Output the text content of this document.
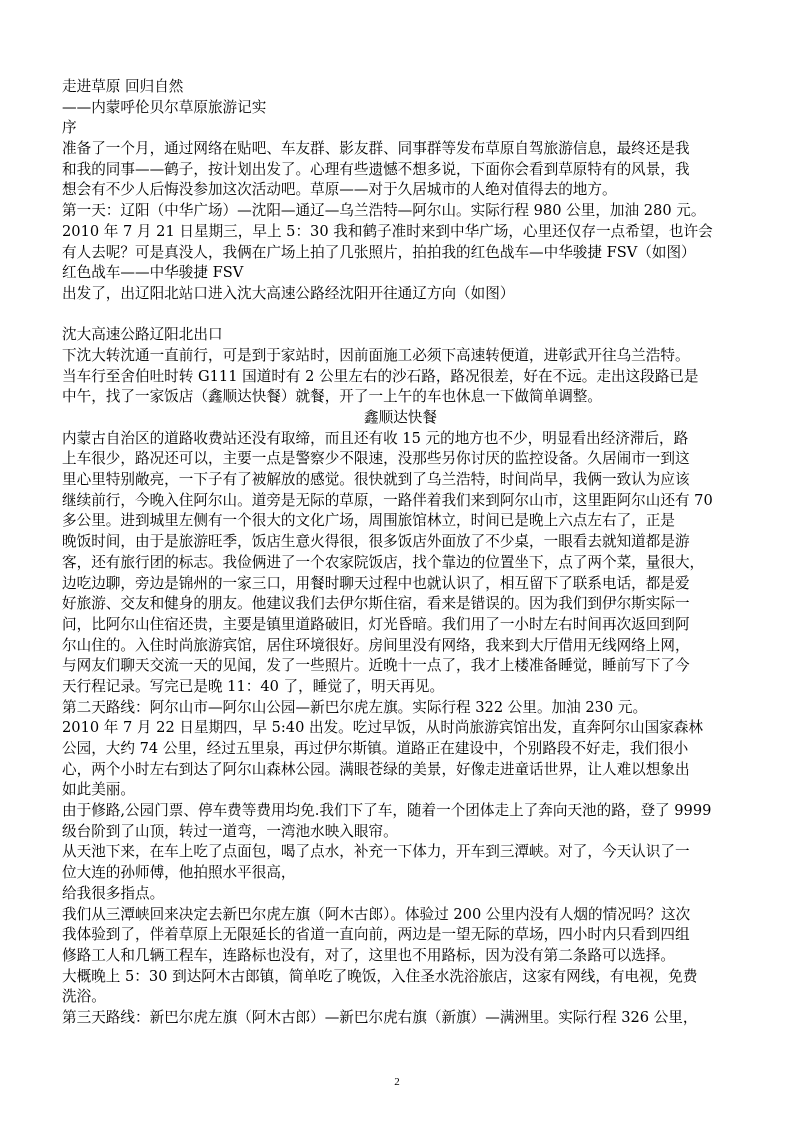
走进草原 回归自然
——内蒙呼伦贝尔草原旅游记实
序
准备了一个月，通过网络在贴吧、车友群、影友群、同事群等发布草原自驾旅游信息，最终还是我
和我的同事——鹤子，按计划出发了。心理有些遗憾不想多说，下面你会看到草原特有的风景，我
想会有不少人后悔没参加这次活动吧。草原——对于久居城市的人绝对值得去的地方。
第一天：辽阳（中华广场）—沈阳—通辽—乌兰浩特—阿尔山。实际行程 980 公里，加油 280 元。
2010 年 7 月 21 日星期三，早上 5：30 我和鹤子准时来到中华广场，心里还仅存一点希望，也许会
有人去呢？可是真没人，我俩在广场上拍了几张照片，拍拍我的红色战车—中华骏捷 FSV（如图）
红色战车——中华骏捷 FSV
出发了，出辽阳北站口进入沈大高速公路经沈阳开往通辽方向（如图）
沈大高速公路辽阳北出口
下沈大转沈通一直前行，可是到于家站时，因前面施工必须下高速转便道，进彰武开往乌兰浩特。
当车行至舍伯吐时转 G111 国道时有 2 公里左右的沙石路，路况很差，好在不远。走出这段路已是
中午，找了一家饭店（鑫顺达快餐）就餐，开了一上午的车也休息一下做简单调整。
鑫顺达快餐
内蒙古自治区的道路收费站还没有取缔，而且还有收 15 元的地方也不少，明显看出经济滞后，路
上车很少，路况还可以，主要一点是警察少不限速，没那些另你讨厌的监控设备。久居闹市一到这
里心里特别敞亮，一下子有了被解放的感觉。很快就到了乌兰浩特，时间尚早，我俩一致认为应该
继续前行，今晚入住阿尔山。道旁是无际的草原，一路伴着我们来到阿尔山市，这里距阿尔山还有 70
多公里。进到城里左侧有一个很大的文化广场，周围旅馆林立，时间已是晚上六点左右了，正是
晚饭时间，由于是旅游旺季，饭店生意火得很，很多饭店外面放了不少桌，一眼看去就知道都是游
客，还有旅行团的标志。我俭俩进了一个农家院饭店，找个靠边的位置坐下，点了两个菜，量很大，
边吃边聊，旁边是锦州的一家三口，用餐时聊天过程中也就认识了，相互留下了联系电话，都是爱
好旅游、交友和健身的朋友。他建议我们去伊尔斯住宿，看来是错误的。因为我们到伊尔斯实际一
问，比阿尔山住宿还贵，主要是镇里道路破旧，灯光昏暗。我们用了一小时左右时间再次返回到阿
尔山住的。入住时尚旅游宾馆，居住环境很好。房间里没有网络，我来到大厅借用无线网络上网，
与网友们聊天交流一天的见闻，发了一些照片。近晚十一点了，我才上楼准备睡觉，睡前写下了今
天行程记录。写完已是晚 11：40 了，睡觉了，明天再见。
第二天路线：阿尔山市—阿尔山公园—新巴尔虎左旗。实际行程 322 公里。加油 230 元。
2010 年 7 月 22 日星期四，早 5:40 出发。吃过早饭，从时尚旅游宾馆出发，直奔阿尔山国家森林
公园，大约 74 公里，经过五里泉，再过伊尔斯镇。道路正在建设中，个别路段不好走，我们很小
心，两个小时左右到达了阿尔山森林公园。满眼苍绿的美景，好像走进童话世界，让人难以想象出
如此美丽。
由于修路,公园门票、停车费等费用均免.我们下了车，随着一个团体走上了奔向天池的路，登了 9999
级台阶到了山顶，转过一道弯，一湾池水映入眼帘。
从天池下来，在车上吃了点面包，喝了点水，补充一下体力，开车到三潭峡。对了，今天认识了一
位大连的孙师傅，他拍照水平很高，
给我很多指点。
我们从三潭峡回来决定去新巴尔虎左旗（阿木古郎）。体验过 200 公里内没有人烟的情况吗？这次
我体验到了，伴着草原上无限延长的省道一直向前，两边是一望无际的草场，四小时内只看到四组
修路工人和几辆工程车，连路标也没有，对了，这里也不用路标，因为没有第二条路可以选择。
大概晚上 5：30 到达阿木古郎镇，简单吃了晚饭，入住圣水洗浴旅店，这家有网线，有电视，免费
洗浴。
第三天路线：新巴尔虎左旗（阿木古郎）—新巴尔虎右旗（新旗）—满洲里。实际行程 326 公里，
2
